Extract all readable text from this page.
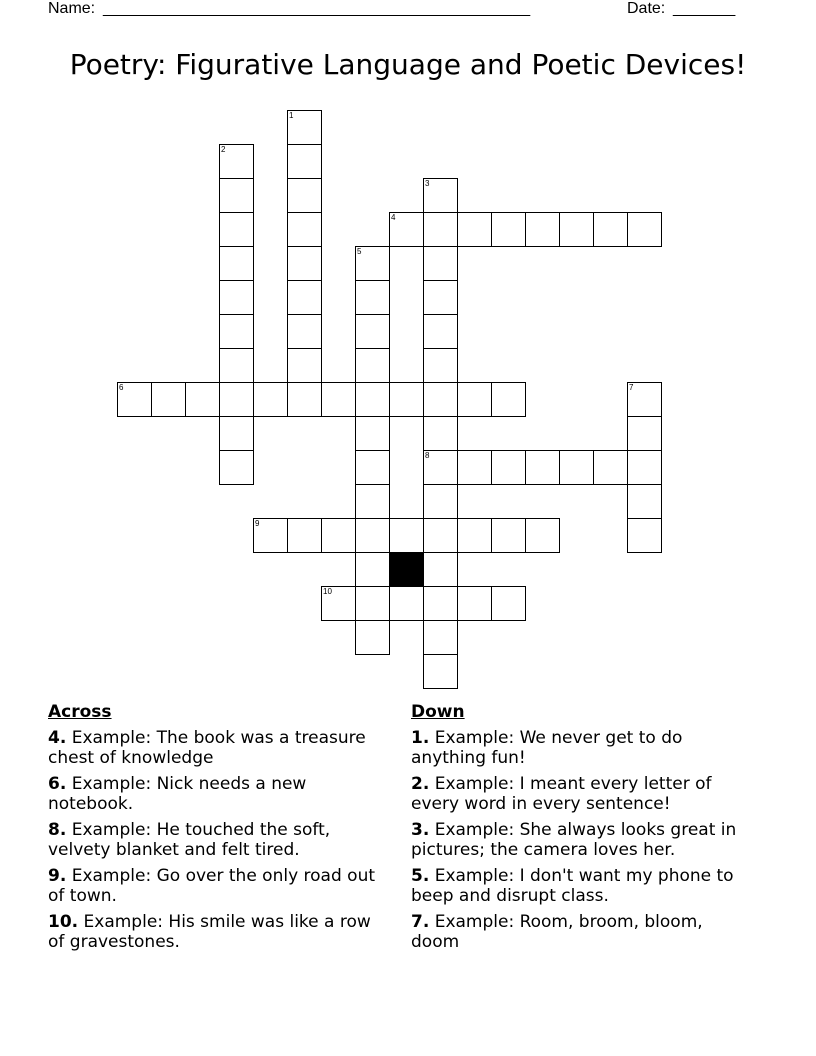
Name: ________________________________________________	Date: _______
Poetry: Figurative Language and Poetic Devices!
1
2
3
8
4
5
6	7
9
10
Across
4. Example: The book was a treasure chest of knowledge
6. Example: Nick needs a new notebook.
8. Example: He touched the soft, velvety blanket and felt tired.
9. Example: Go over the only road out of town.
10. Example: His smile was like a row of gravestones.
Down
1. Example: We never get to do anything fun!
2. Example: I meant every letter of every word in every sentence!
3. Example: She always looks great in pictures; the camera loves her.
5. Example: I don't want my phone to beep and disrupt class.
7. Example: Room, broom, bloom, doom
